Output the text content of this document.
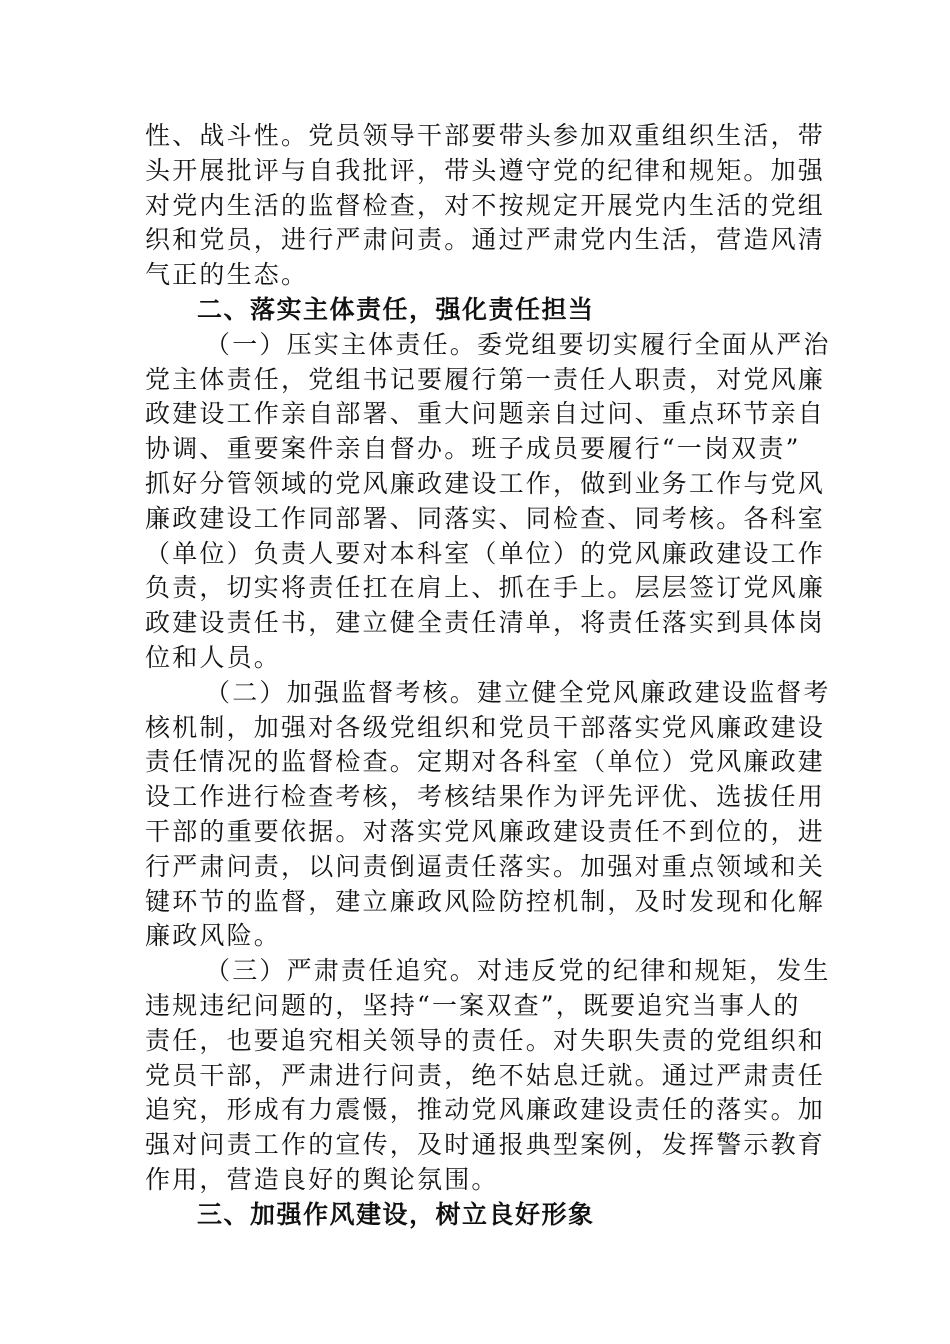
性、战斗性。党员领导干部要带头参加双重组织生活，带
头开展批评与自我批评，带头遵守党的纪律和规矩。加强
对党内生活的监督检查，对不按规定开展党内生活的党组
织和党员，进行严肃问责。通过严肃党内生活，营造风清
气正的生态。
二、落实主体责任，强化责任担当
（一）压实主体责任。委党组要切实履行全面从严治
党主体责任，党组书记要履行第一责任人职责，对党风廉
政建设工作亲自部署、重大问题亲自过问、重点环节亲自
协调、重要案件亲自督办。班子成员要履行“一岗双责”
抓好分管领域的党风廉政建设工作，做到业务工作与党风
廉政建设工作同部署、同落实、同检查、同考核。各科室
（单位）负责人要对本科室（单位）的党风廉政建设工作
负责，切实将责任扛在肩上、抓在手上。层层签订党风廉
政建设责任书，建立健全责任清单，将责任落实到具体岗
位和人员。
（二）加强监督考核。建立健全党风廉政建设监督考
核机制，加强对各级党组织和党员干部落实党风廉政建设
责任情况的监督检查。定期对各科室（单位）党风廉政建
设工作进行检查考核，考核结果作为评先评优、选拔任用
干部的重要依据。对落实党风廉政建设责任不到位的，进
行严肃问责，以问责倒逼责任落实。加强对重点领域和关
键环节的监督，建立廉政风险防控机制，及时发现和化解
廉政风险。
（三）严肃责任追究。对违反党的纪律和规矩，发生
违规违纪问题的，坚持“一案双查”，既要追究当事人的
责任，也要追究相关领导的责任。对失职失责的党组织和
党员干部，严肃进行问责，绝不姑息迁就。通过严肃责任
追究，形成有力震慑，推动党风廉政建设责任的落实。加
强对问责工作的宣传，及时通报典型案例，发挥警示教育
作用，营造良好的舆论氛围。
三、加强作风建设，树立良好形象
